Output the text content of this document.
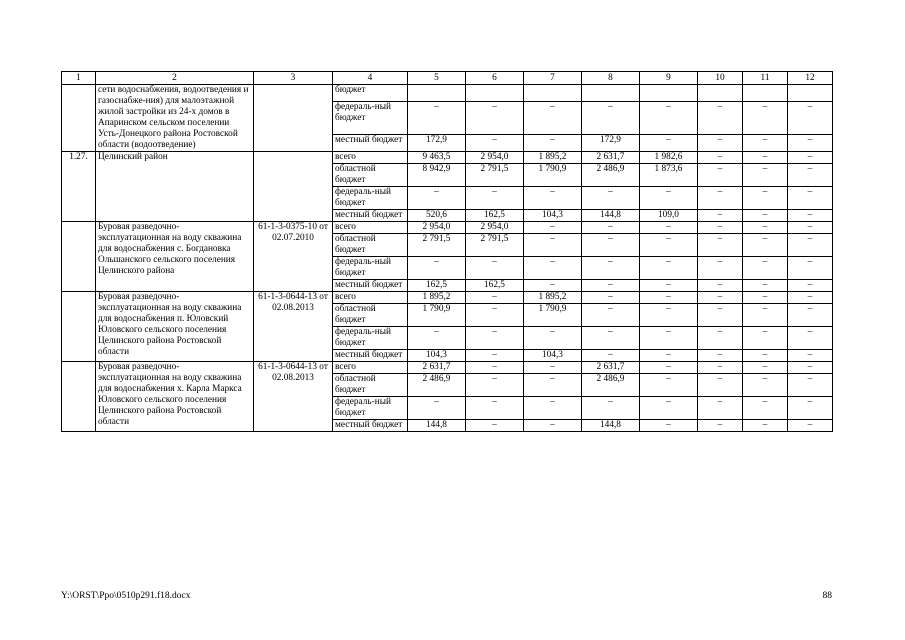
1	2	3	4	5	6	7	8	9	10	11	12
	сети водоснабжения, водоотведения и газоснабже-ния) для малоэтажной жилой застройки из 24-х домов в Апаринском сельском поселении Усть-Донецкого района Ростовской области (водоотведение)		бюджет								
			федераль-ный бюджет	–	–	–	–	–	–	–	–
			местный бюджет	172,9	–	–	172,9	–	–	–	–
1.27.	Целинский район		всего	9 463,5	2 954,0	1 895,2	2 631,7	1 982,6	–	–	–
			областной бюджет	8 942,9	2 791,5	1 790,9	2 486,9	1 873,6	–	–	–
			федераль-ный бюджет	–	–	–	–	–	–	–	–
			местный бюджет	520,6	162,5	104,3	144,8	109,0	–	–	–
	Буровая разведочно-эксплуатационная на воду скважина для водоснабжения с. Богдановка Ольшанского сельского поселения Целинского района	61-1-3-0375-10 от 02.07.2010	всего	2 954,0	2 954,0	–	–	–	–	–	–
			областной бюджет	2 791,5	2 791,5	–	–	–	–	–	–
			федераль-ный бюджет	–	–	–	–	–	–	–	–
			местный бюджет	162,5	162,5	–	–	–	–	–	–
	Буровая разведочно-эксплуатационная на воду скважина для водоснабжения п. Юловский Юловского сельского поселения Целинского района Ростовской области	61-1-3-0644-13 от 02.08.2013	всего	1 895,2	–	1 895,2	–	–	–	–	–
			областной бюджет	1 790,9	–	1 790,9	–	–	–	–	–
			федераль-ный бюджет	–	–	–	–	–	–	–	–
			местный бюджет	104,3	–	104,3	–	–	–	–	–
	Буровая разведочно-эксплуатационная на воду скважина для водоснабжения х. Карла Маркса Юловского сельского поселения Целинского района Ростовской области	61-1-3-0644-13 от 02.08.2013	всего	2 631,7	–	–	2 631,7	–	–	–	–
			областной бюджет	2 486,9	–	–	2 486,9	–	–	–	–
			федераль-ный бюджет	–	–	–	–	–	–	–	–
			местный бюджет	144,8	–	–	144,8	–	–	–	–
Y:\ORST\Ppo\0510p291.f18.docx	88
